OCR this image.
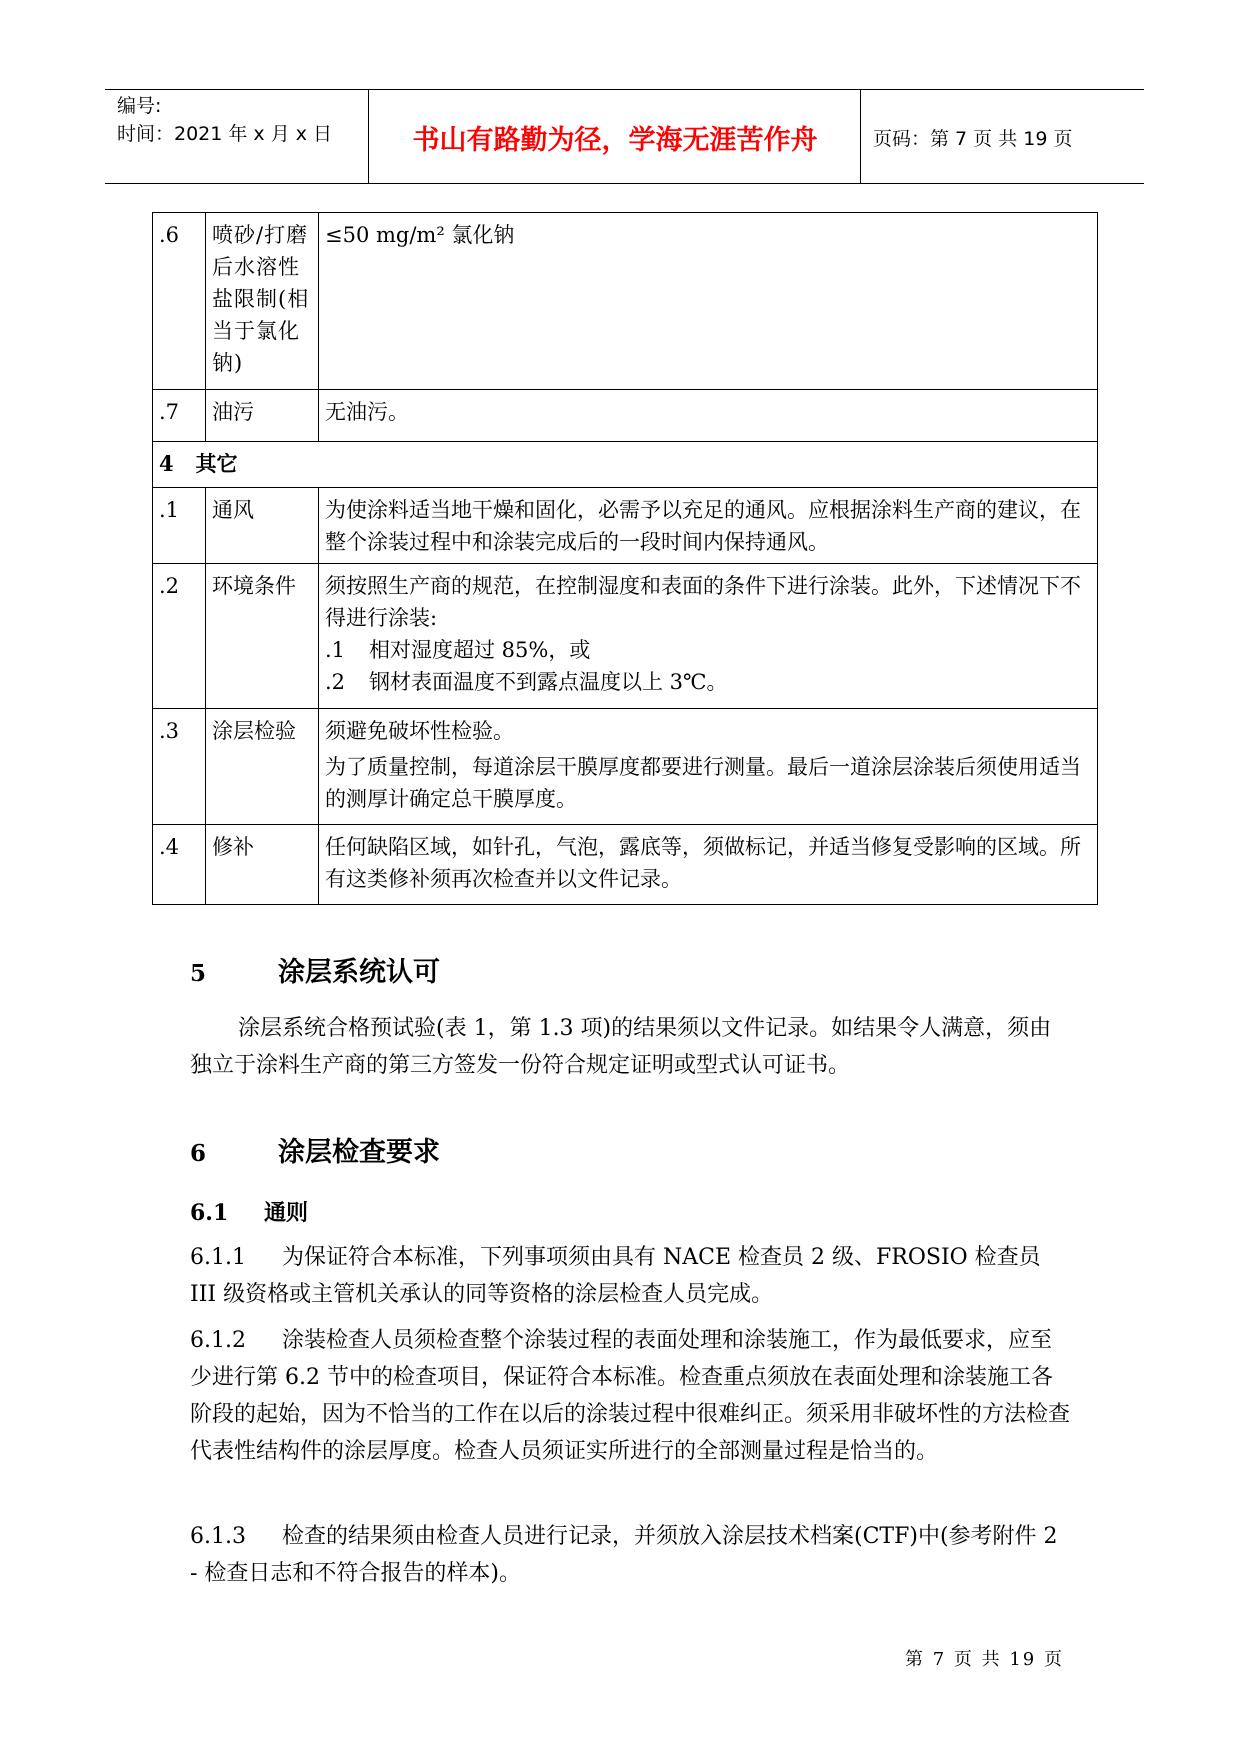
编号:
时间：2021 年 x 月 x 日	书山有路勤为径，学海无涯苦作舟	页码：第 7 页 共 19 页
.6	喷砂/打磨后水溶性盐限制(相当于氯化钠)	≤50 mg/m² 氯化钠
.7	油污	无油污。
4   其它		
.1	通风	为使涂料适当地干燥和固化，必需予以充足的通风。应根据涂料生产商的建议，在整个涂装过程中和涂装完成后的一段时间内保持通风。
.2	环境条件	须按照生产商的规范，在控制湿度和表面的条件下进行涂装。此外，下述情况下不得进行涂装:
.1 相对湿度超过 85%，或
.2 钢材表面温度不到露点温度以上 3℃。

.3	涂层检验	须避免破坏性检验。
为了质量控制，每道涂层干膜厚度都要进行测量。最后一道涂层涂装后须使用适当的测厚计确定总干膜厚度。

.4	修补	任何缺陷区域，如针孔，气泡，露底等，须做标记，并适当修复受影响的区域。所有这类修补须再次检查并以文件记录。
5	涂层系统认可
涂层系统合格预试验(表 1，第 1.3 项)的结果须以文件记录。如结果令人满意，须由独立于涂料生产商的第三方签发一份符合规定证明或型式认可证书。
6	涂层检查要求
6.1 通则
6.1.1 为保证符合本标准，下列事项须由具有 NACE 检查员 2 级、FROSIO 检查员 III 级资格或主管机关承认的同等资格的涂层检查人员完成。
6.1.2 涂装检查人员须检查整个涂装过程的表面处理和涂装施工，作为最低要求，应至少进行第 6.2 节中的检查项目，保证符合本标准。检查重点须放在表面处理和涂装施工各阶段的起始，因为不恰当的工作在以后的涂装过程中很难纠正。须采用非破坏性的方法检查代表性结构件的涂层厚度。检查人员须证实所进行的全部测量过程是恰当的。
6.1.3 检查的结果须由检查人员进行记录，并须放入涂层技术档案(CTF)中(参考附件 2 - 检查日志和不符合报告的样本)。
第 7 页 共 19 页
